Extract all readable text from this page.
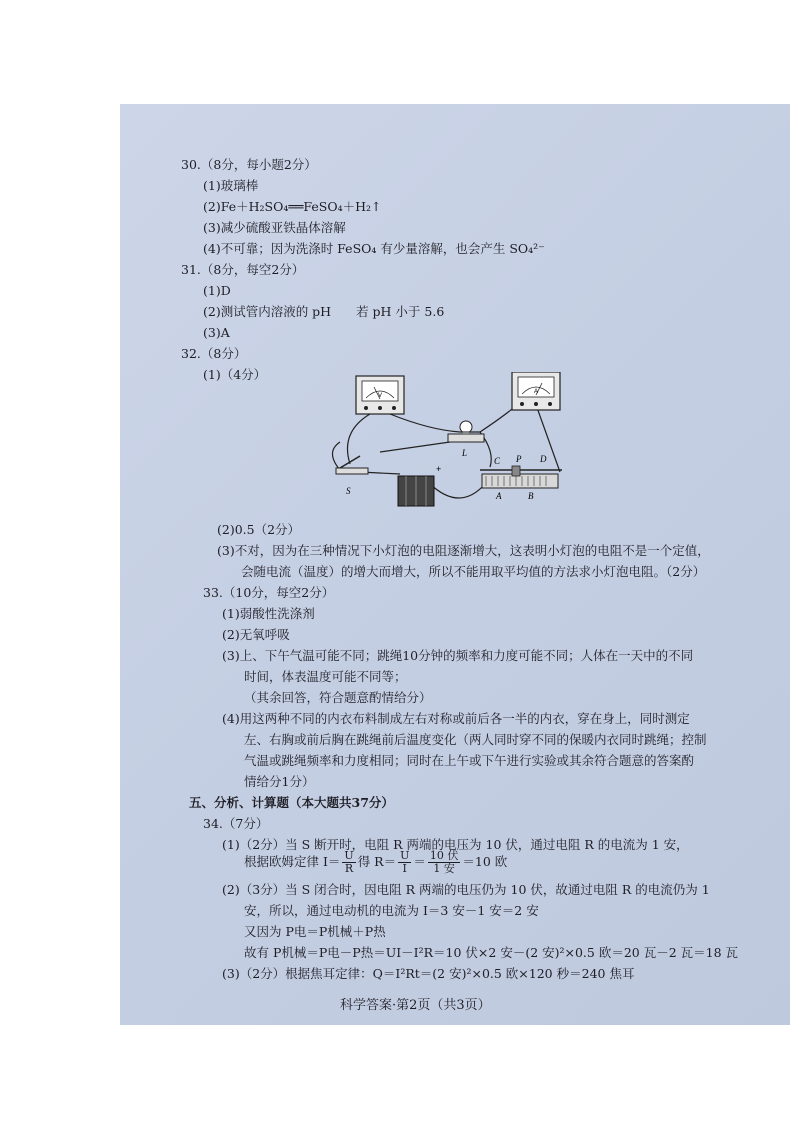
30.（8分，每小题2分）
(1)玻璃棒
(2)Fe＋H₂SO₄══FeSO₄＋H₂↑
(3)减少硫酸亚铁晶体溶解
(4)不可靠；因为洗涤时 FeSO₄ 有少量溶解，也会产生 SO₄²⁻
31.（8分，每空2分）
(1)D
(2)测试管内溶液的 pH　　若 pH 小于 5.6
(3)A
32.（8分）
(1)（4分）
V
A
L
S
+
C P D
A	B
(2)0.5（2分）
(3)不对，因为在三种情况下小灯泡的电阻逐渐增大，这表明小灯泡的电阻不是一个定值，
会随电流（温度）的增大而增大，所以不能用取平均值的方法求小灯泡电阻。（2分）
33.（10分，每空2分）
(1)弱酸性洗涤剂
(2)无氧呼吸
(3)上、下午气温可能不同；跳绳10分钟的频率和力度可能不同；人体在一天中的不同
时间，体表温度可能不同等；
（其余回答，符合题意酌情给分）
(4)用这两种不同的内衣布料制成左右对称或前后各一半的内衣，穿在身上，同时测定
左、右胸或前后胸在跳绳前后温度变化（两人同时穿不同的保暖内衣同时跳绳；控制
气温或跳绳频率和力度相同；同时在上午或下午进行实验或其余符合题意的答案酌
情给分1分）
五、分析、计算题（本大题共37分）
34.（7分）
(1)（2分）当 S 断开时，电阻 R 两端的电压为 10 伏，通过电阻 R 的电流为 1 安，
根据欧姆定律 $I= \frac{U}{R}$ 得 $R= \frac{U}{I} = \frac{\text{10 伏}}{\text{1 安}} =10$ 欧
(2)（3分）当 S 闭合时，因电阻 R 两端的电压仍为 10 伏，故通过电阻 R 的电流仍为 1
安，所以，通过电动机的电流为 I＝3 安－1 安＝2 安
又因为 P电＝P机械＋P热
故有 P机械＝P电－P热＝UI－I²R＝10 伏×2 安－(2 安)²×0.5 欧＝20 瓦－2 瓦＝18 瓦
(3)（2分）根据焦耳定律：Q＝I²Rt＝(2 安)²×0.5 欧×120 秒＝240 焦耳
科学答案·第2页（共3页）
